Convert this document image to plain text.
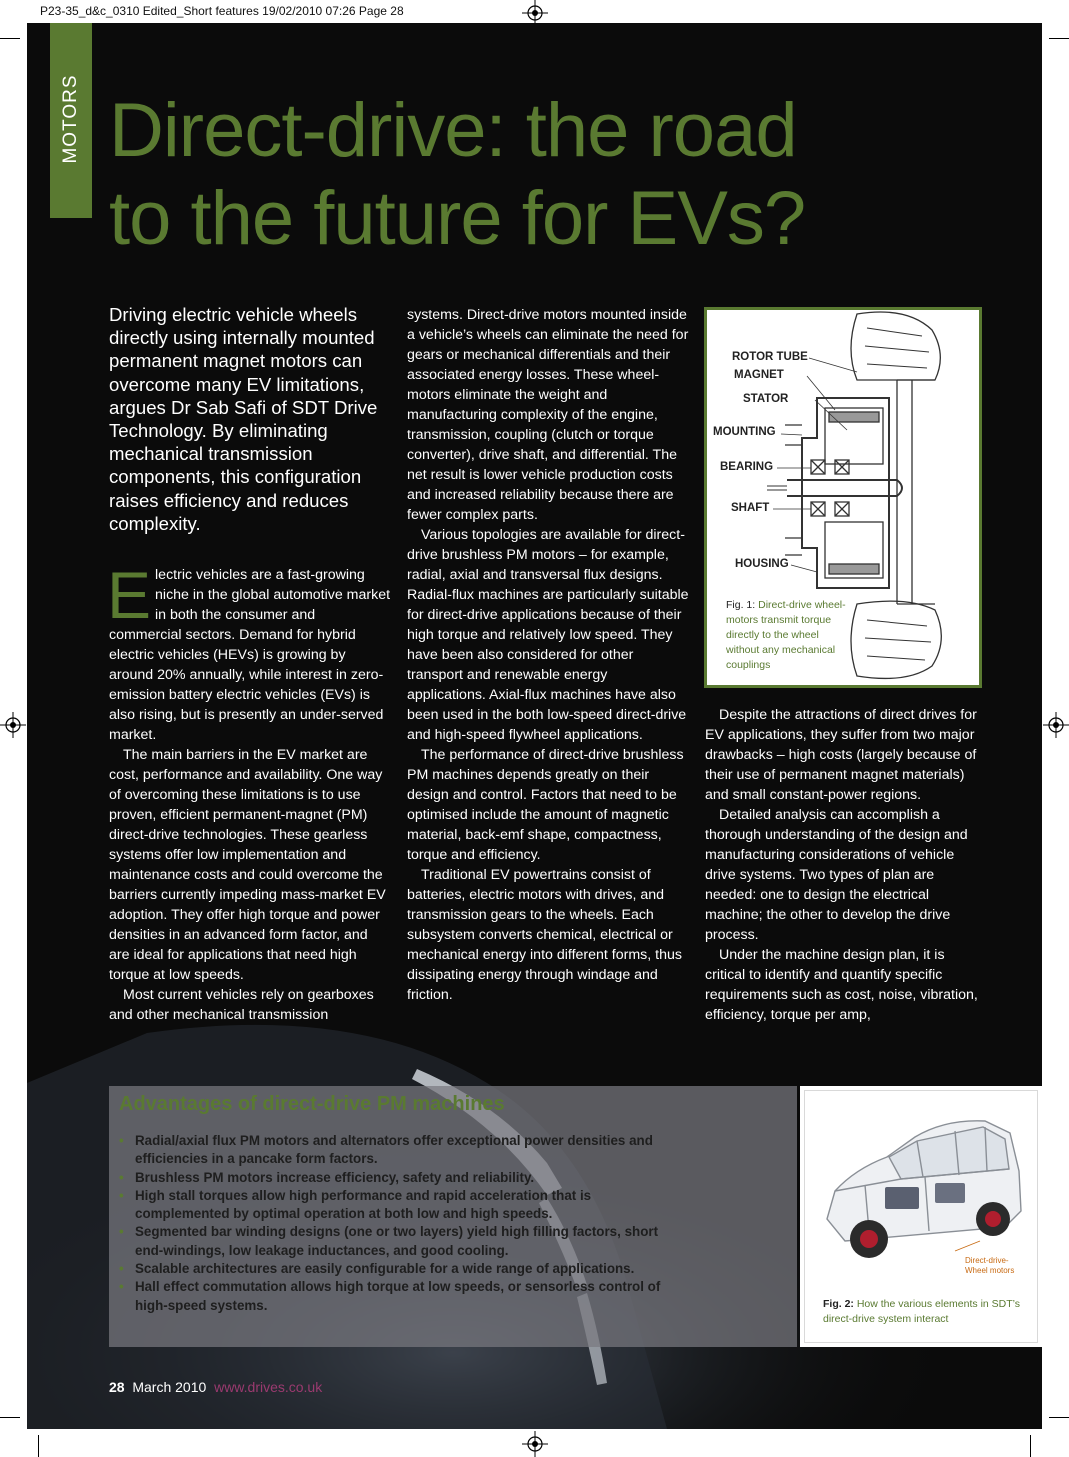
P23-35_d&c_0310 Edited_Short features 19/02/2010 07:26 Page 28
MOTORS Direct-drive: the road
to the future for EVs?

Driving electric vehicle wheels directly using internally mounted permanent magnet motors can overcome many EV limitations, argues Dr Sab Safi of SDT Drive Technology. By eliminating mechanical transmission components, this configuration raises efficiency and reduces complexity.

Electric vehicles are a fast-growing niche in the global automotive market in both the consumer and commercial sectors. Demand for hybrid electric vehicles (HEVs) is growing by around 20% annually, while interest in zero-emission battery electric vehicles (EVs) is also rising, but is presently an under-served market.

The main barriers in the EV market are cost, performance and availability. One way of overcoming these limitations is to use proven, efficient permanent-magnet (PM) direct-drive technologies. These gearless systems offer low implementation and maintenance costs and could overcome the barriers currently impeding mass-market EV adoption. They offer high torque and power densities in an advanced form factor, and are ideal for applications that need high torque at low speeds.

Most current vehicles rely on gearboxes and other mechanical transmission

systems. Direct-drive motors mounted inside a vehicle’s wheels can eliminate the need for gears or mechanical differentials and their associated energy losses. These wheel-motors eliminate the weight and manufacturing complexity of the engine, transmission, coupling (clutch or torque converter), drive shaft, and differential. The net result is lower vehicle production costs and increased reliability because there are fewer complex parts.

Various topologies are available for direct-drive brushless PM motors – for example, radial, axial and transversal flux designs. Radial-flux machines are particularly suitable for direct-drive applications because of their high torque and relatively low speed. They have been also considered for other transport and renewable energy applications. Axial-flux machines have also been used in the both low-speed direct-drive and high-speed flywheel applications.

The performance of direct-drive brushless PM machines depends greatly on their design and control. Factors that need to be optimised include the amount of magnetic material, back-emf shape, compactness, torque and efficiency.

Traditional EV powertrains consist of batteries, electric motors with drives, and transmission gears to the wheels. Each subsystem converts chemical, electrical or mechanical energy into different forms, thus dissipating energy through windage and friction.

Despite the attractions of direct drives for EV applications, they suffer from two major drawbacks – high costs (largely because of their use of permanent magnet materials) and small constant-power regions.

Detailed analysis can accomplish a thorough understanding of the design and manufacturing considerations of vehicle drive systems. Two types of plan are needed: one to design the electrical machine; the other to develop the drive process.

Under the machine design plan, it is critical to identify and quantify specific requirements such as cost, noise, vibration, efficiency, torque per amp,

ROTOR TUBE
MAGNET
STATOR
MOUNTING
BEARING
SHAFT
HOUSING
Fig. 1: Direct-drive wheel-motors transmit torque directly to the wheel without any mechanical couplings
Advantages of direct-drive PM machines
• Radial/axial flux PM motors and alternators offer exceptional power densities and efficiencies in a pancake form factors.
• Brushless PM motors increase efficiency, safety and reliability.
• High stall torques allow high performance and rapid acceleration that is complemented by optimal operation at both low and high speeds.
• Segmented bar winding designs (one or two layers) yield high filling factors, short end-windings, low leakage inductances, and good cooling.
• Scalable architectures are easily configurable for a wide range of applications.
• Hall effect commutation allows high torque at low speeds, or sensorless control of high-speed systems.
Direct-drive-
Wheel motors
Fig. 2: How the various elements in SDT’s direct-drive system interact
28 March 2010 www.drives.co.uk
